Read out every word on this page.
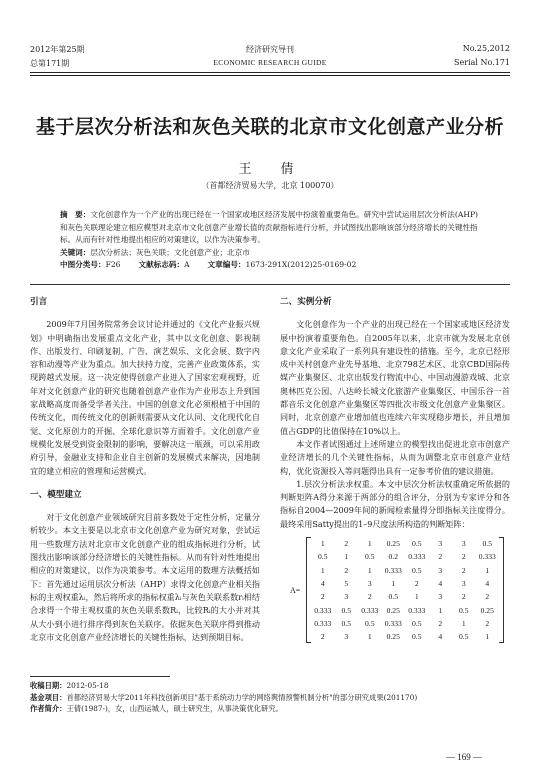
2012年第25期
总第171期
经济研究导刊
ECONOMIC RESEARCH GUIDE
No.25,2012
Serial No.171
基于层次分析法和灰色关联的北京市文化创意产业分析
王　倩
（首都经济贸易大学，北京 100070）
摘　要：文化创意作为一个产业的出现已经在一个国家或地区经济发展中扮演着重要角色。研究中尝试运用层次分析法(AHP)和灰色关联理论建立相应模型对北京市文化创意产业增长值的贡献指标进行分析，并试图找出影响该部分经济增长的关键性指标。从而有针对性地提出相应的对策建议，以作为决策参考。
关键词：层次分析法；灰色关联；文化创意产业；北京市
中图分类号：F26 文献标志码：A 文章编号：1673-291X(2012)25-0169-02
引言

2009年7月国务院常务会议讨论并通过的《文化产业振兴规划》中明确指出发展重点文化产业，其中以文化创意、影视制作、出版发行、印刷复制、广告、演艺娱乐、文化会展、数字内容和动漫等产业为重点。加大扶持力度，完善产业政策体系，实现跨越式发展。这一决定使得创意产业进入了国家宏观视野，近年对文化创意产业的研究也随着创意产业作为产业形态上升到国家战略高度而备受学者关注。中国的创意文化必须根植于中国的传统文化，而传统文化的创新则需要从文化认同、文化现代化自觉、文化原创力的开掘、全球化意识等方面着手。文化创意产业规模化发展受到资金限制的影响，要解决这一瓶颈，可以采用政府引导，金融业支持和企业自主创新的发展模式来解决，因地制宜的建立相应的管理和运营模式。

一、模型建立

对于文化创意产业领域研究目前多数处于定性分析，定量分析较少。本文主要是以北京市文化创意产业为研究对象，尝试运用一些数理方法对北京市文化创意产业的组成指标进行分析，试图找出影响该部分经济增长的关键性指标。从而有针对性地提出相应的对策建议，以作为决策参考。本文运用的数理方法概括如下：首先通过运用层次分析法（AHP）求得文化创意产业相关指标的主观权重λᵢ，然后将所求的指标权重λᵢ与灰色关联系数rᵢ相结合求得一个带主观权重的灰色关联系数Rᵢ，比较Rᵢ的大小并对其从大小到小进行排序得到灰色关联序。依据灰色关联序得到推动北京市文化创意产业经济增长的关键性指标，达到预期目标。

二、实例分析

文化创意作为一个产业的出现已经在一个国家或地区经济发展中扮演着重要角色。自2005年以来，北京市就为发展北京创意文化产业采取了一系列具有建设性的措施。至今，北京已经形成中关村创意产业先导基地、北京798艺术区、北京CBD国际传媒产业集聚区、北京出版发行物流中心、中国动漫游戏城、北京奥林匹克公园、八达岭长城文化旅游产业集聚区、中国乐谷一首都音乐文化创意产业集聚区等四批次市级文化创意产业集聚区。同时，北京创意产业增加值也连续六年实现稳步增长，并且增加值占GDP的比值保持在10%以上。

本文作者试图通过上述所建立的模型找出促进北京市创意产业经济增长的几个关键性指标，从而为调整北京市创意产业结构，优化资源投入等问题得出具有一定参考价值的建议措施。

1.层次分析法求权重。本文中层次分析法权重确定所依据的判断矩阵A得分来源于两部分的组合评分，分别为专家评分和各指标自2004—2009年间的新闻检索量得分即指标关注度得分。最终采用Satty提出的1–9尺度法所构造的判断矩阵：

A=
1	2	1	0.25	0.5	3	3	0.5
0.5	1	0.5	0.2	0.333	2	2	0.333
1	2	1	0.333	0.5	3	2	1
4	5	3	1	2	4	3	4
2	3	2	0.5	1	3	2	2
0.333	0.5	0.333	0.25	0.333	1	0.5	0.25
0.333	0.5	0.5	0.333	0.5	2	1	2
2	3	1	0.25	0.5	4	0.5	1
收稿日期：2012-05-18
基金项目：首都经济贸易大学2011年科技创新项目"基于系统动力学的网络舆情预警机制分析"的部分研究成果(201170)
作者简介：王倩(1987-)，女，山西运城人，硕士研究生，从事决策优化研究。
— 169 —
